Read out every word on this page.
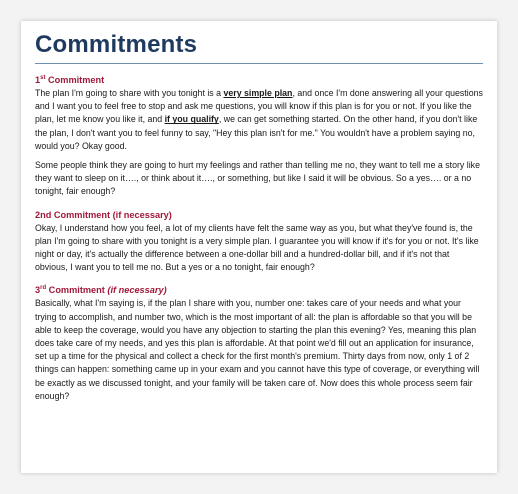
Commitments

1st Commitment

The plan I'm going to share with you tonight is a very simple plan, and once I'm done answering all your questions and I want you to feel free to stop and ask me questions, you will know if this plan is for you or not. If you like the plan, let me know you like it, and if you qualify, we can get something started. On the other hand, if you don't like the plan, I don't want you to feel funny to say, "Hey this plan isn't for me." You wouldn't have a problem saying no, would you? Okay good.

Some people think they are going to hurt my feelings and rather than telling me no, they want to tell me a story like they want to sleep on it…., or think about it…., or something, but like I said it will be obvious. So a yes…. or a no tonight, fair enough?

2nd Commitment (if necessary)

Okay, I understand how you feel, a lot of my clients have felt the same way as you, but what they've found is, the plan I'm going to share with you tonight is a very simple plan. I guarantee you will know if it's for you or not. It's like night or day, it's actually the difference between a one-dollar bill and a hundred-dollar bill, and if it's not that obvious, I want you to tell me no. But a yes or a no tonight, fair enough?

3rd Commitment (if necessary)

Basically, what I'm saying is, if the plan I share with you, number one: takes care of your needs and what your trying to accomplish, and number two, which is the most important of all: the plan is affordable so that you will be able to keep the coverage, would you have any objection to starting the plan this evening? Yes, meaning this plan does take care of my needs, and yes this plan is affordable. At that point we'd fill out an application for insurance, set up a time for the physical and collect a check for the first month's premium. Thirty days from now, only 1 of 2 things can happen: something came up in your exam and you cannot have this type of coverage, or everything will be exactly as we discussed tonight, and your family will be taken care of. Now does this whole process seem fair enough?
